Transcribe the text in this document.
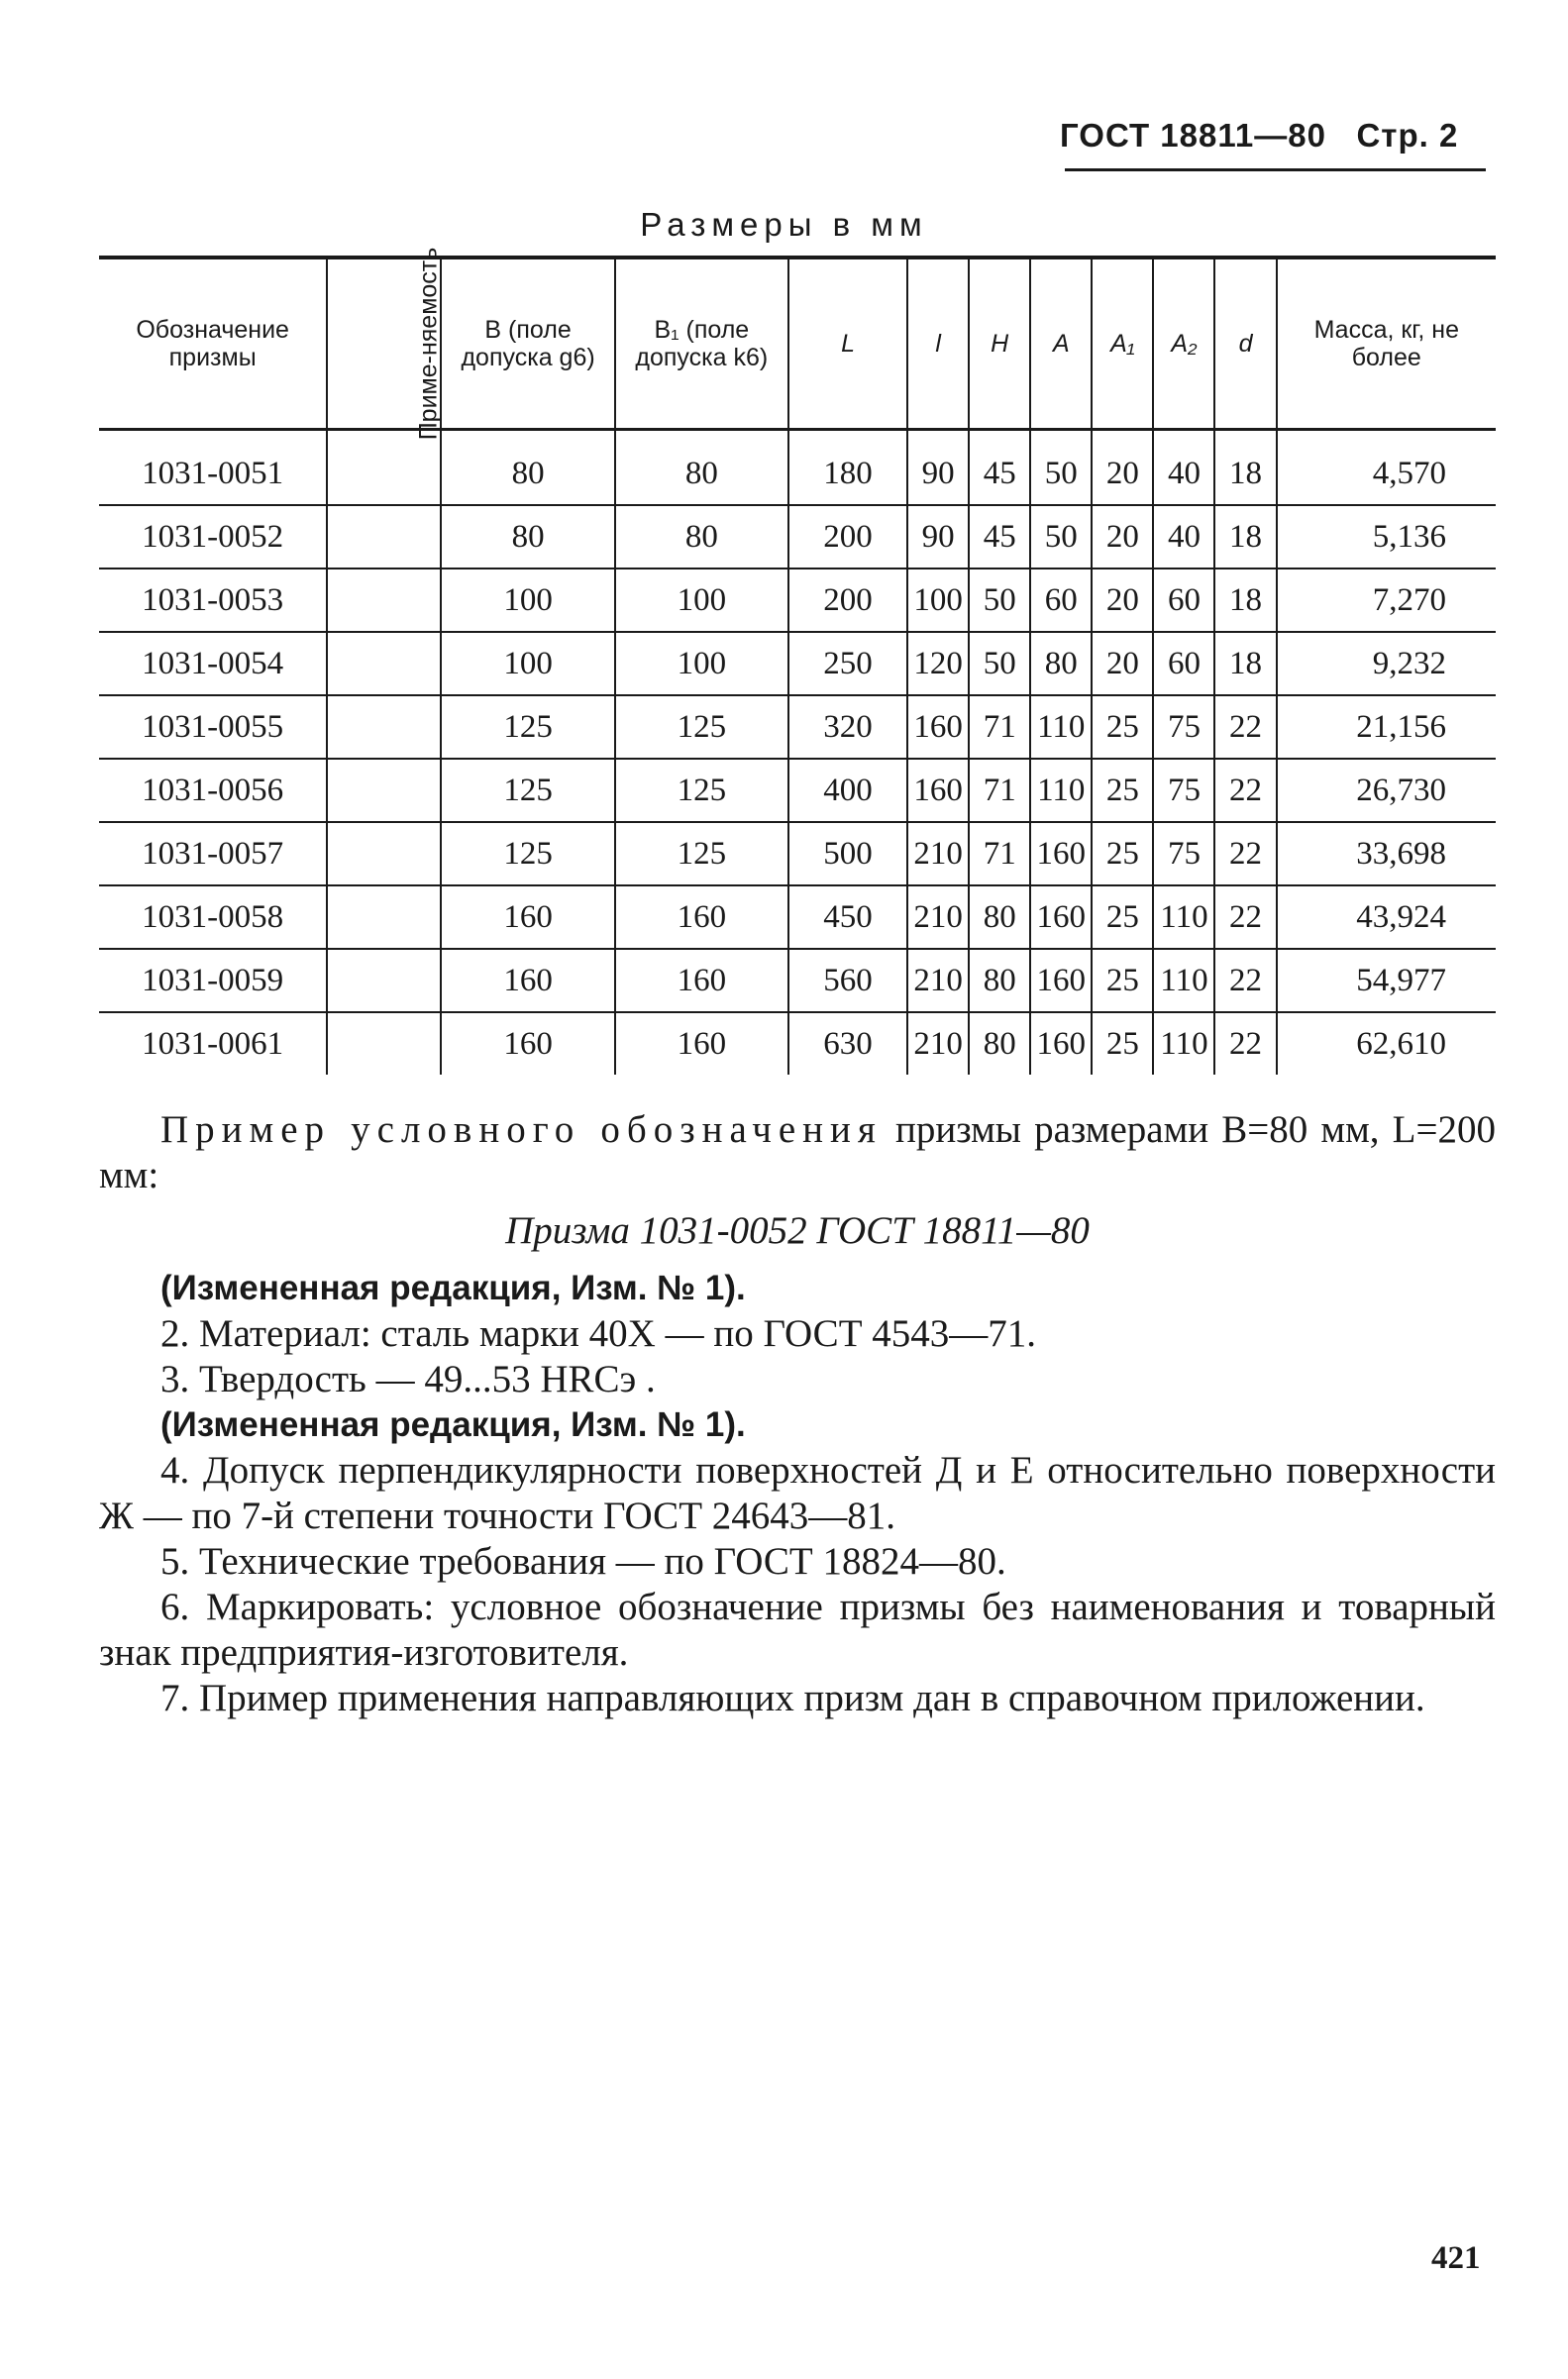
ГОСТ 18811—80 Стр. 2
Размеры в мм
Обозначение призмы	Приме-няемость	B (поле допуска g6)	B₁ (поле допуска k6)	L	l	H	A	A₁	A₂	d	Масса, кг, не более
1031-0051		80	80	180	90	45	50	20	40	18	4,570
1031-0052		80	80	200	90	45	50	20	40	18	5,136
1031-0053		100	100	200	100	50	60	20	60	18	7,270
1031-0054		100	100	250	120	50	80	20	60	18	9,232
1031-0055		125	125	320	160	71	110	25	75	22	21,156
1031-0056		125	125	400	160	71	110	25	75	22	26,730
1031-0057		125	125	500	210	71	160	25	75	22	33,698
1031-0058		160	160	450	210	80	160	25	110	22	43,924
1031-0059		160	160	560	210	80	160	25	110	22	54,977
1031-0061		160	160	630	210	80	160	25	110	22	62,610

Пример условного обозначения призмы размерами B=80 мм, L=200 мм:

Призма 1031-0052 ГОСТ 18811—80

(Измененная редакция, Изм. № 1).

2. Материал: сталь марки 40Х — по ГОСТ 4543—71.

3. Твердость — 49...53 HRCэ .

(Измененная редакция, Изм. № 1).

4. Допуск перпендикулярности поверхностей Д и Е относительно поверхности Ж — по 7-й степени точности ГОСТ 24643—81.

5. Технические требования — по ГОСТ 18824—80.

6. Маркировать: условное обозначение призмы без наименования и товарный знак предприятия-изготовителя.

7. Пример применения направляющих призм дан в справочном приложении.

421
